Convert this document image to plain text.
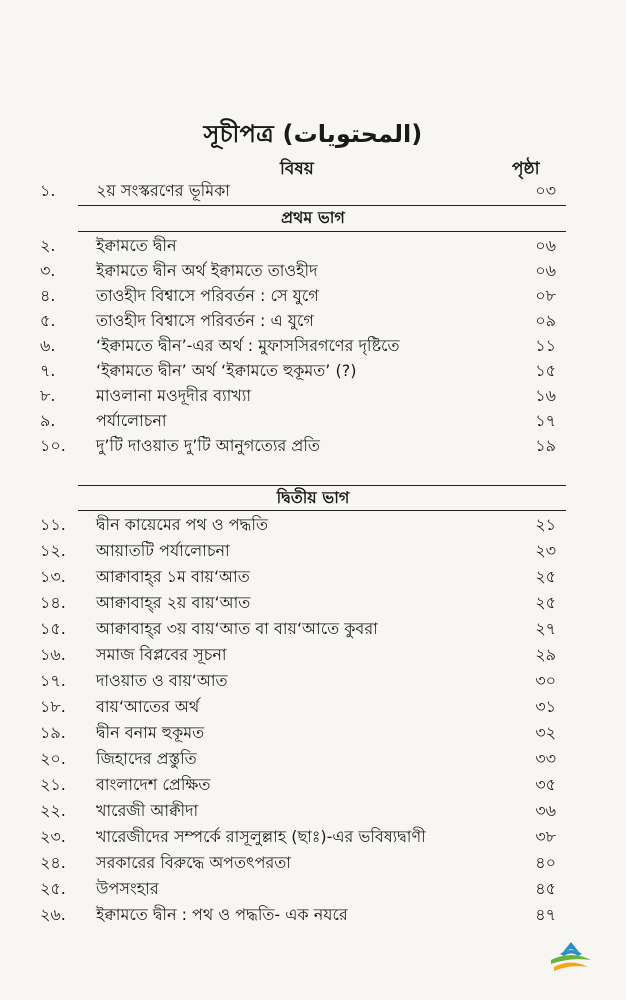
সূচীপত্র (المحتويات)
বিষয়	পৃষ্ঠা
১.	২য় সংস্করণের ভূমিকা	০৩
প্রথম ভাগ
২.	ইক্বামতে দ্বীন	০৬
৩.	ইক্বামতে দ্বীন অর্থ ইক্বামতে তাওহীদ	০৬
৪.	তাওহীদ বিশ্বাসে পরিবর্তন : সে যুগে	০৮
৫.	তাওহীদ বিশ্বাসে পরিবর্তন : এ যুগে	০৯
৬.	‘ইক্বামতে দ্বীন’-এর অর্থ : মুফাসসিরগণের দৃষ্টিতে	১১
৭.	‘ইক্বামতে দ্বীন’ অর্থ ‘ইক্বামতে হুকূমত’ (?)	১৫
৮.	মাওলানা মওদূদীর ব্যাখ্যা	১৬
৯.	পর্যালোচনা	১৭
১০.	দু’টি দাওয়াত দু’টি আনুগত্যের প্রতি	১৯
দ্বিতীয় ভাগ
১১.	দ্বীন কায়েমের পথ ও পদ্ধতি	২১
১২.	আয়াতটি পর্যালোচনা	২৩
১৩.	আক্বাবাহ্‌র ১ম বায়‘আত	২৫
১৪.	আক্বাবাহ্‌র ২য় বায়‘আত	২৫
১৫.	আক্বাবাহ্‌র ৩য় বায়‘আত বা বায়‘আতে কুবরা	২৭
১৬.	সমাজ বিপ্লবের সূচনা	২৯
১৭.	দাওয়াত ও বায়‘আত	৩০
১৮.	বায়‘আতের অর্থ	৩১
১৯.	দ্বীন বনাম হুকূমত	৩২
২০.	জিহাদের প্রস্তুতি	৩৩
২১.	বাংলাদেশ প্রেক্ষিত	৩৫
২২.	খারেজী আক্বীদা	৩৬
২৩.	খারেজীদের সম্পর্কে রাসূলুল্লাহ (ছাঃ)-এর ভবিষ্যদ্বাণী	৩৮
২৪.	সরকারের বিরুদ্ধে অপতৎপরতা	৪০
২৫.	উপসংহার	৪৫
২৬.	ইক্বামতে দ্বীন : পথ ও পদ্ধতি- এক নযরে	৪৭
